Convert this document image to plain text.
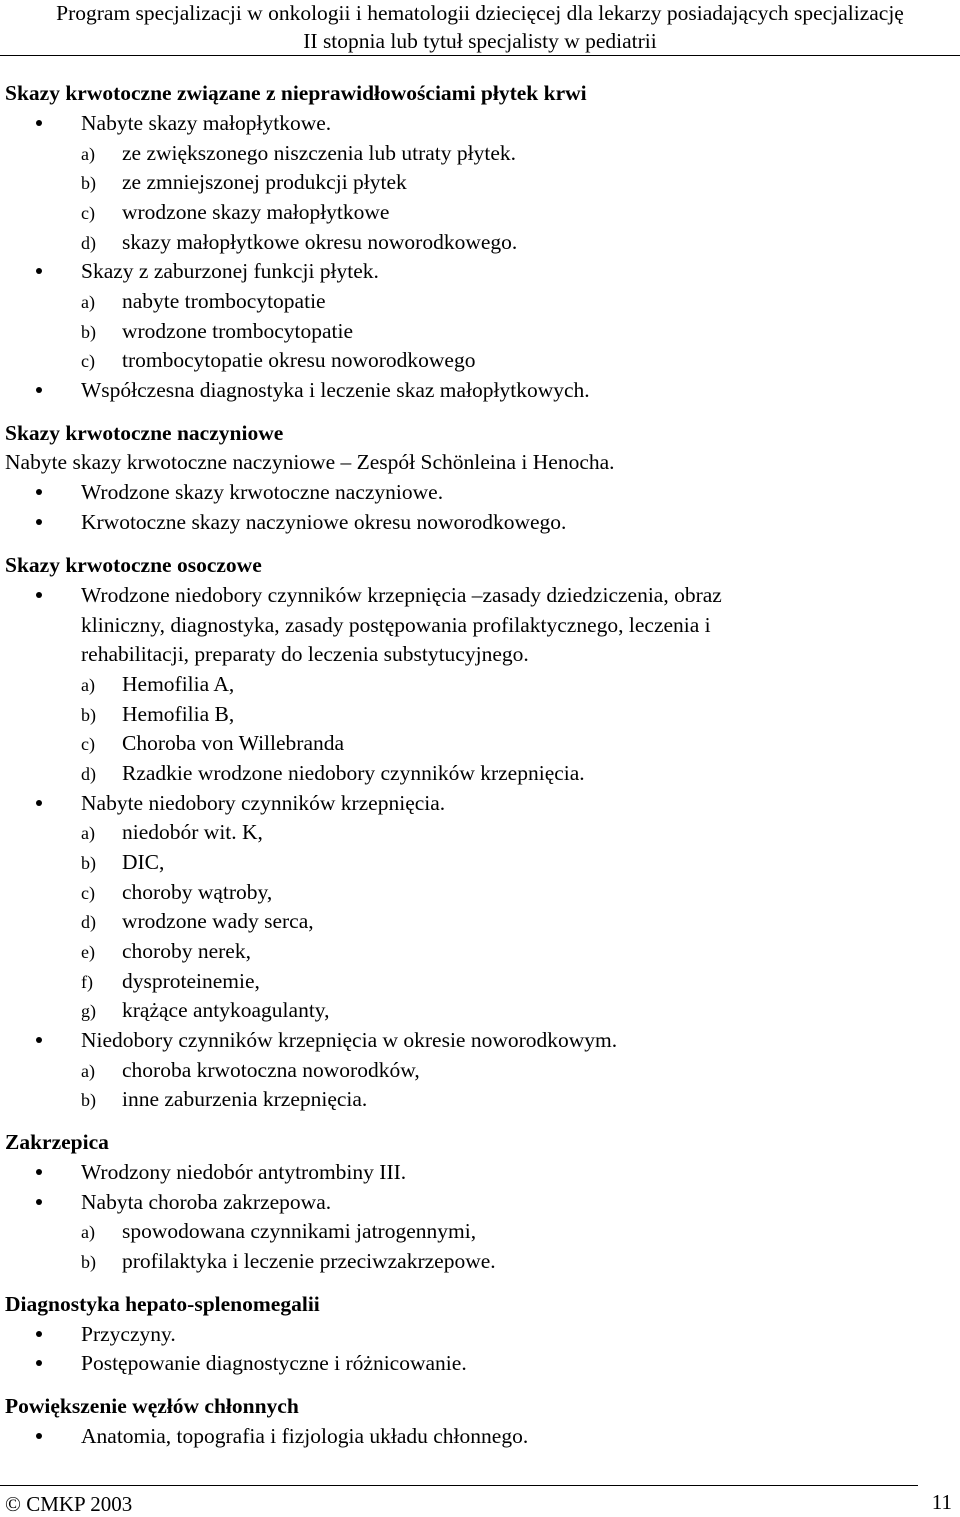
Program specjalizacji w onkologii i hematologii dziecięcej dla lekarzy posiadających specjalizację
II stopnia lub tytuł specjalisty w pediatrii
Skazy krwotoczne związane z nieprawidłowościami płytek krwi
Nabyte skazy małopłytkowe.
a) ze zwiększonego niszczenia lub utraty płytek.
b) ze zmniejszonej produkcji płytek
c) wrodzone skazy małopłytkowe
d) skazy małopłytkowe okresu noworodkowego.
Skazy z zaburzonej funkcji płytek.
a) nabyte trombocytopatie
b) wrodzone trombocytopatie
c) trombocytopatie okresu noworodkowego
Współczesna diagnostyka i leczenie skaz małopłytkowych.
Skazy krwotoczne naczyniowe
Nabyte skazy krwotoczne naczyniowe – Zespół Schönleina i Henocha.
Wrodzone skazy krwotoczne naczyniowe.
Krwotoczne skazy naczyniowe okresu noworodkowego.
Skazy krwotoczne osoczowe
Wrodzone niedobory czynników krzepnięcia –zasady dziedziczenia, obraz
kliniczny, diagnostyka, zasady postępowania profilaktycznego, leczenia i
rehabilitacji, preparaty do leczenia substytucyjnego.
a) Hemofilia A,
b) Hemofilia B,
c) Choroba von Willebranda
d) Rzadkie wrodzone niedobory czynników krzepnięcia.
Nabyte niedobory czynników krzepnięcia.
a) niedobór wit. K,
b) DIC,
c) choroby wątroby,
d) wrodzone wady serca,
e) choroby nerek,
f) dysproteinemie,
g) krążące antykoagulanty,
Niedobory czynników krzepnięcia w okresie noworodkowym.
a) choroba krwotoczna noworodków,
b) inne zaburzenia krzepnięcia.
Zakrzepica
Wrodzony niedobór antytrombiny III.
Nabyta choroba zakrzepowa.
a) spowodowana czynnikami jatrogennymi,
b) profilaktyka i leczenie przeciwzakrzepowe.
Diagnostyka hepato-splenomegalii
Przyczyny.
Postępowanie diagnostyczne i różnicowanie.
Powiększenie węzłów chłonnych
Anatomia, topografia i fizjologia układu chłonnego.
© CMKP 2003	11
